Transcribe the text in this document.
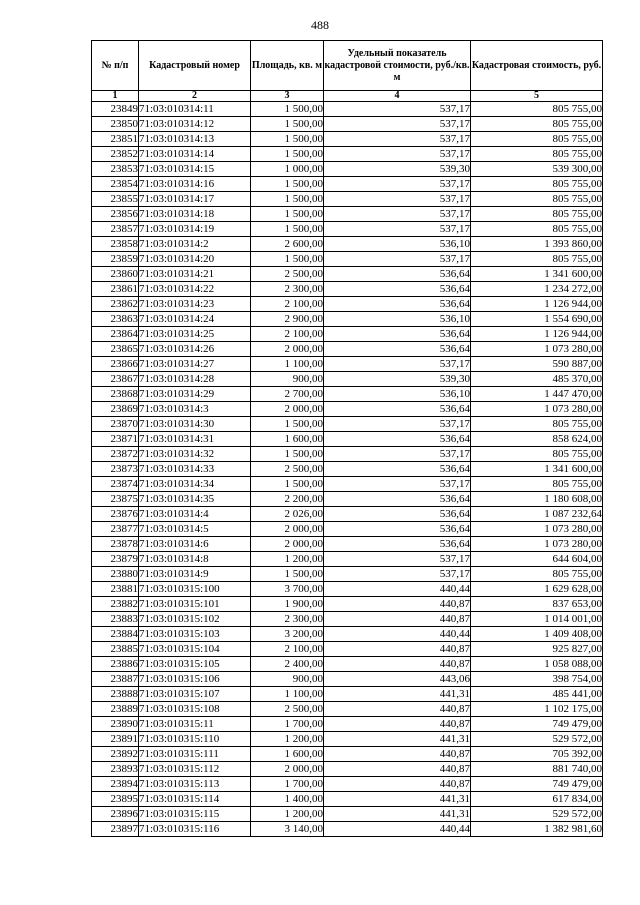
488
№ п/п	Кадастровый номер	Площадь, кв. м	Удельный показатель кадастровой стоимости, руб./кв. м	Кадастровая стоимость, руб.
1	2	3	4	5
23849	71:03:010314:11	1 500,00	537,17	805 755,00
23850	71:03:010314:12	1 500,00	537,17	805 755,00
23851	71:03:010314:13	1 500,00	537,17	805 755,00
23852	71:03:010314:14	1 500,00	537,17	805 755,00
23853	71:03:010314:15	1 000,00	539,30	539 300,00
23854	71:03:010314:16	1 500,00	537,17	805 755,00
23855	71:03:010314:17	1 500,00	537,17	805 755,00
23856	71:03:010314:18	1 500,00	537,17	805 755,00
23857	71:03:010314:19	1 500,00	537,17	805 755,00
23858	71:03:010314:2	2 600,00	536,10	1 393 860,00
23859	71:03:010314:20	1 500,00	537,17	805 755,00
23860	71:03:010314:21	2 500,00	536,64	1 341 600,00
23861	71:03:010314:22	2 300,00	536,64	1 234 272,00
23862	71:03:010314:23	2 100,00	536,64	1 126 944,00
23863	71:03:010314:24	2 900,00	536,10	1 554 690,00
23864	71:03:010314:25	2 100,00	536,64	1 126 944,00
23865	71:03:010314:26	2 000,00	536,64	1 073 280,00
23866	71:03:010314:27	1 100,00	537,17	590 887,00
23867	71:03:010314:28	900,00	539,30	485 370,00
23868	71:03:010314:29	2 700,00	536,10	1 447 470,00
23869	71:03:010314:3	2 000,00	536,64	1 073 280,00
23870	71:03:010314:30	1 500,00	537,17	805 755,00
23871	71:03:010314:31	1 600,00	536,64	858 624,00
23872	71:03:010314:32	1 500,00	537,17	805 755,00
23873	71:03:010314:33	2 500,00	536,64	1 341 600,00
23874	71:03:010314:34	1 500,00	537,17	805 755,00
23875	71:03:010314:35	2 200,00	536,64	1 180 608,00
23876	71:03:010314:4	2 026,00	536,64	1 087 232,64
23877	71:03:010314:5	2 000,00	536,64	1 073 280,00
23878	71:03:010314:6	2 000,00	536,64	1 073 280,00
23879	71:03:010314:8	1 200,00	537,17	644 604,00
23880	71:03:010314:9	1 500,00	537,17	805 755,00
23881	71:03:010315:100	3 700,00	440,44	1 629 628,00
23882	71:03:010315:101	1 900,00	440,87	837 653,00
23883	71:03:010315:102	2 300,00	440,87	1 014 001,00
23884	71:03:010315:103	3 200,00	440,44	1 409 408,00
23885	71:03:010315:104	2 100,00	440,87	925 827,00
23886	71:03:010315:105	2 400,00	440,87	1 058 088,00
23887	71:03:010315:106	900,00	443,06	398 754,00
23888	71:03:010315:107	1 100,00	441,31	485 441,00
23889	71:03:010315:108	2 500,00	440,87	1 102 175,00
23890	71:03:010315:11	1 700,00	440,87	749 479,00
23891	71:03:010315:110	1 200,00	441,31	529 572,00
23892	71:03:010315:111	1 600,00	440,87	705 392,00
23893	71:03:010315:112	2 000,00	440,87	881 740,00
23894	71:03:010315:113	1 700,00	440,87	749 479,00
23895	71:03:010315:114	1 400,00	441,31	617 834,00
23896	71:03:010315:115	1 200,00	441,31	529 572,00
23897	71:03:010315:116	3 140,00	440,44	1 382 981,60
